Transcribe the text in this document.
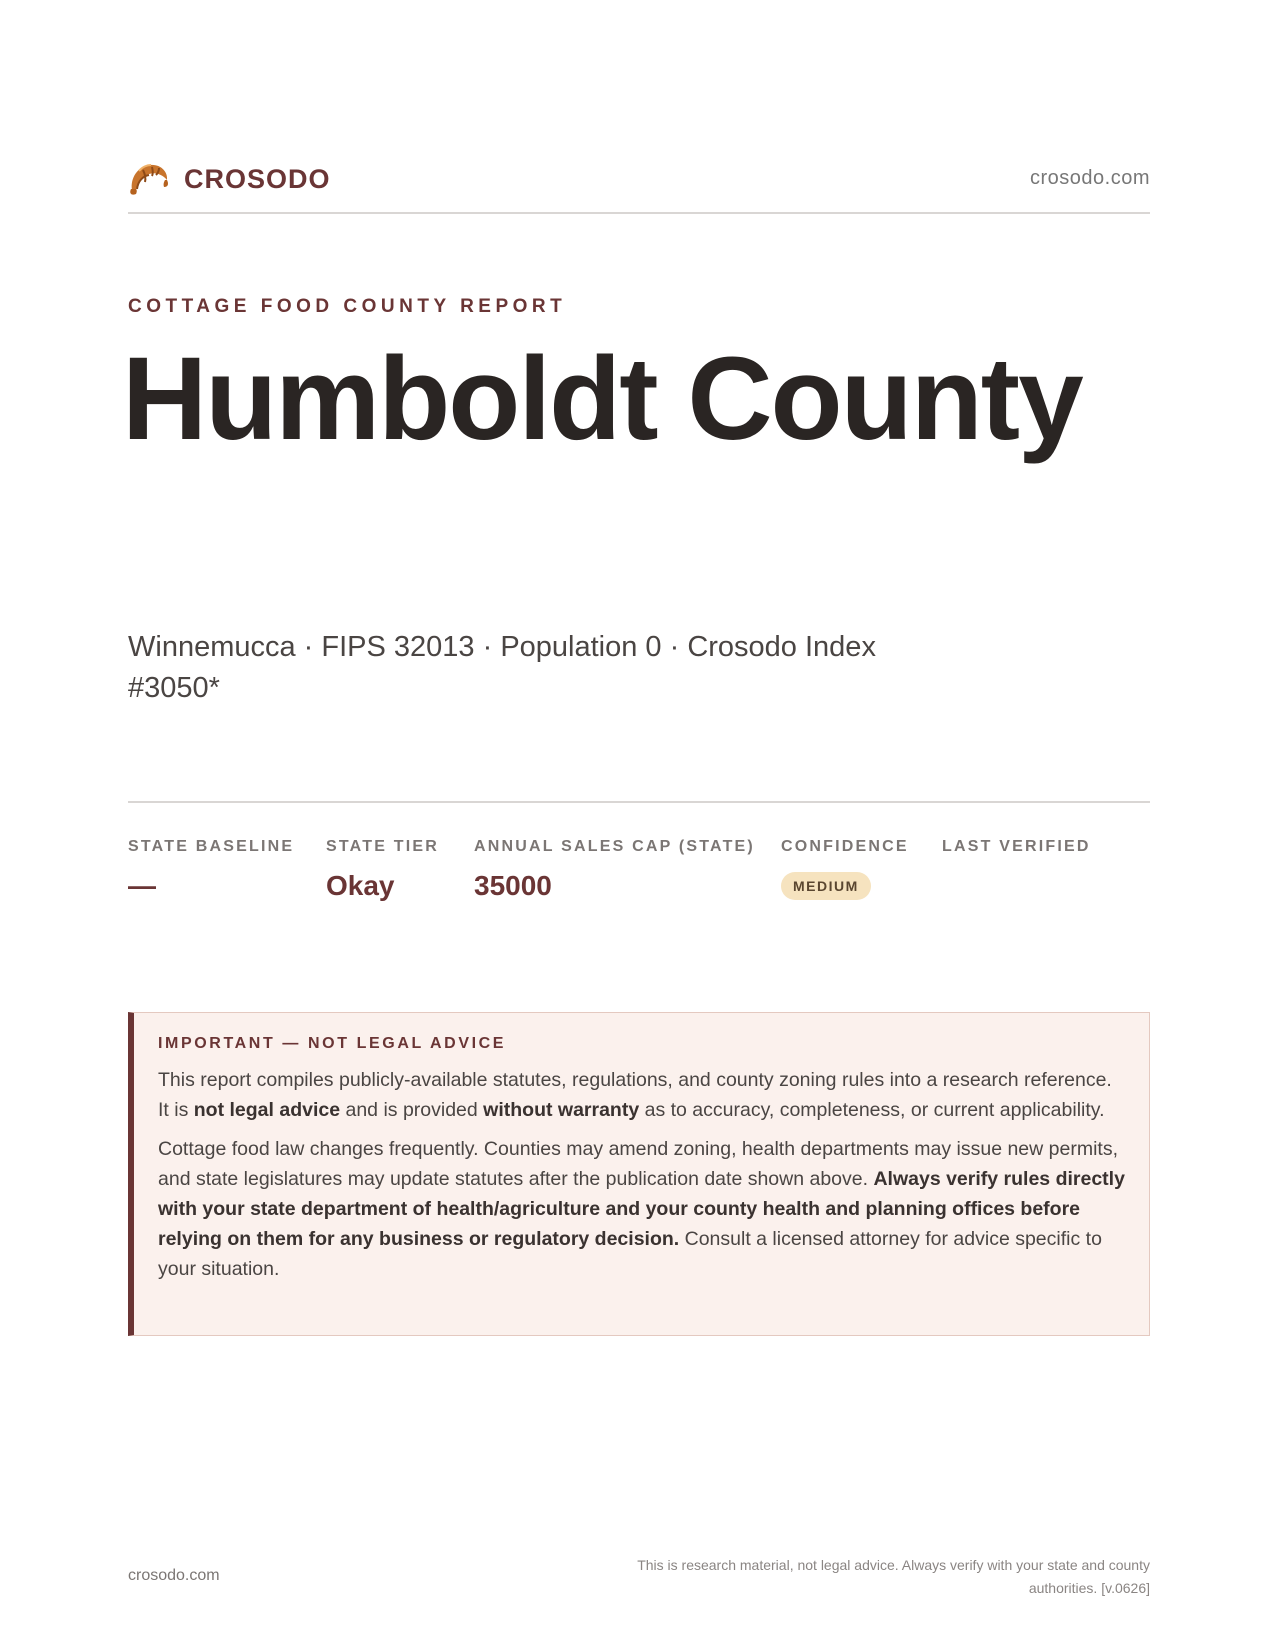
CROSODO	crosodo.com
COTTAGE FOOD COUNTY REPORT
Humboldt County
Winnemucca · FIPS 32013 · Population 0 · Crosodo Index #3050*
STATE BASELINE
—
STATE TIER
Okay
ANNUAL SALES CAP (STATE)
35000
CONFIDENCE
MEDIUM
LAST VERIFIED
IMPORTANT — NOT LEGAL ADVICE

This report compiles publicly-available statutes, regulations, and county zoning rules into a research reference. It is not legal advice and is provided without warranty as to accuracy, completeness, or current applicability.

Cottage food law changes frequently. Counties may amend zoning, health departments may issue new permits, and state legislatures may update statutes after the publication date shown above. Always verify rules directly with your state department of health/agriculture and your county health and planning offices before relying on them for any business or regulatory decision. Consult a licensed attorney for advice specific to your situation.

crosodo.com
This is research material, not legal advice. Always verify with your state and county authorities. [v.0626]
